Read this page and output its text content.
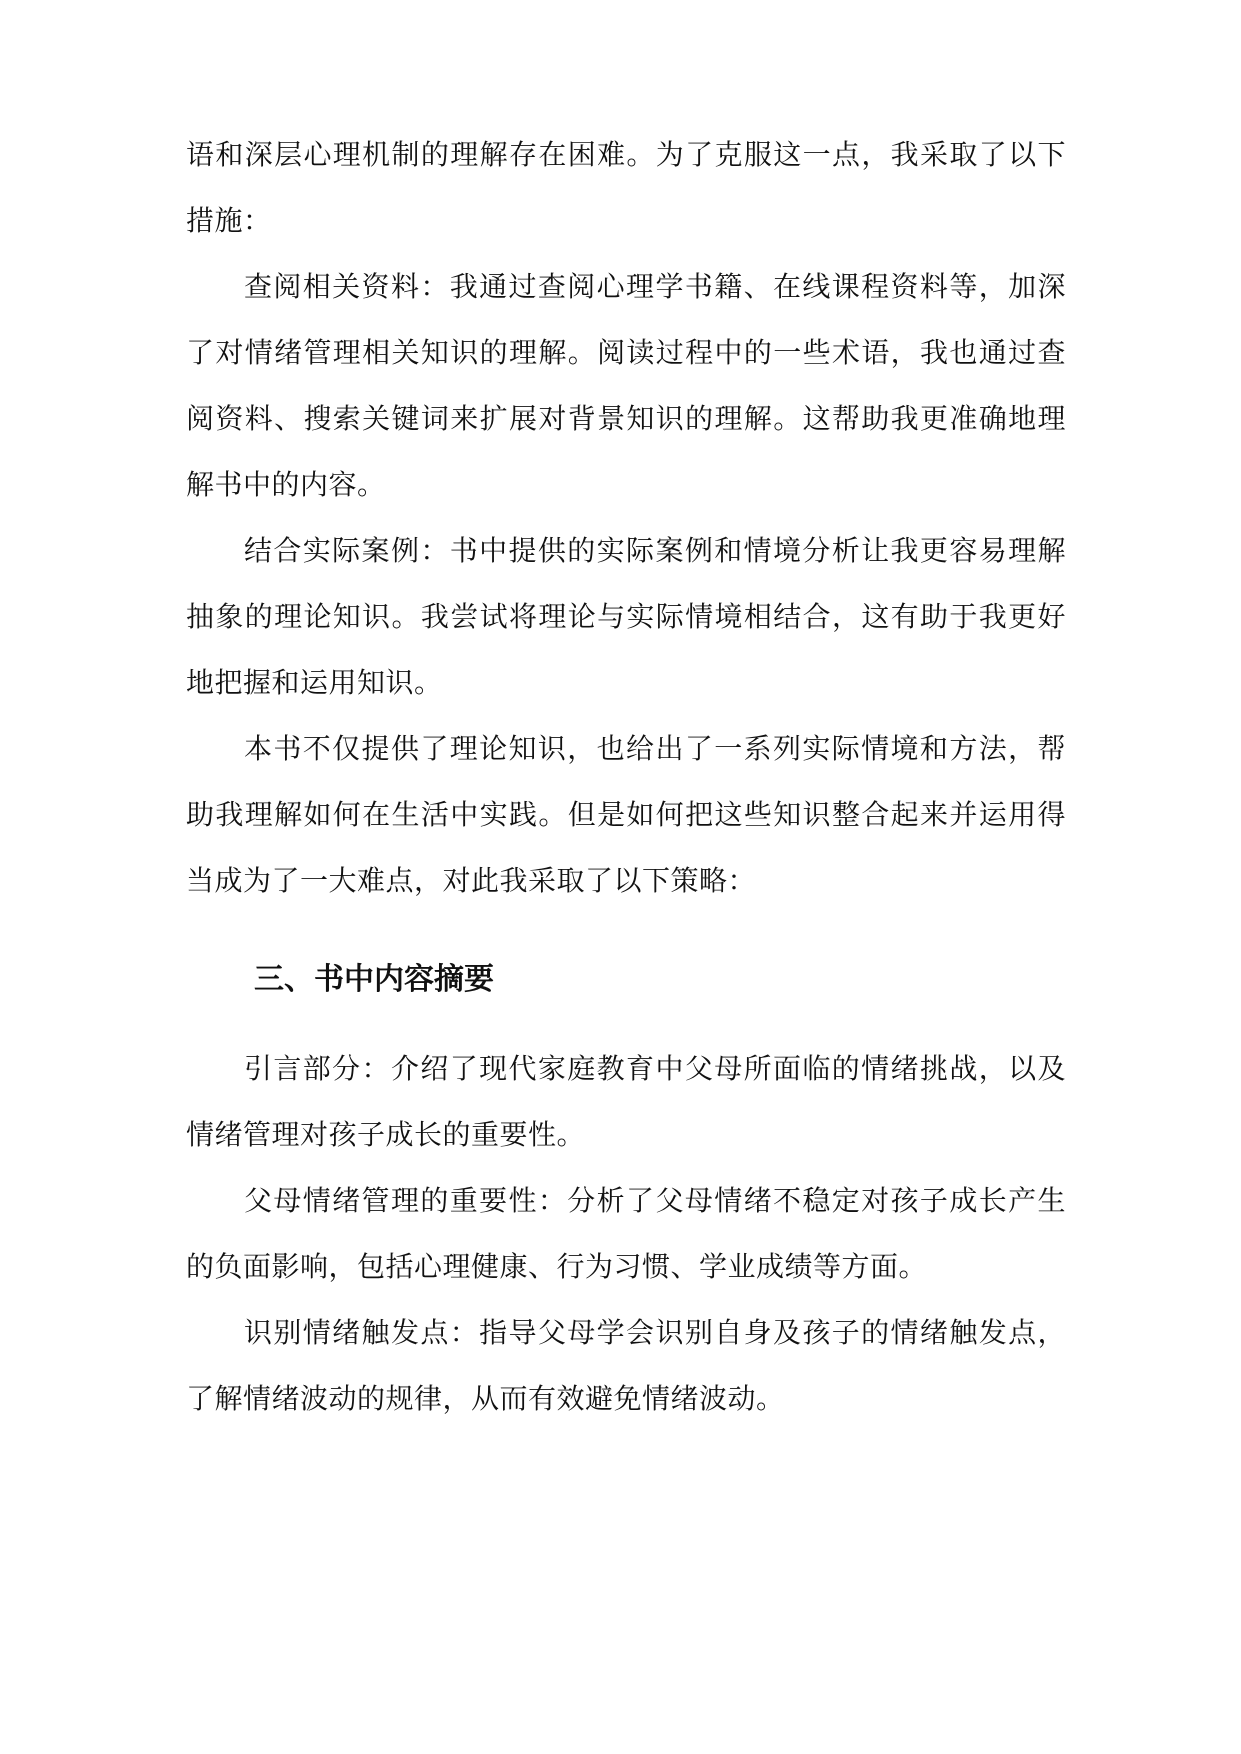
语和深层心理机制的理解存在困难。为了克服这一点，我采取了以下
措施：
查阅相关资料：我通过查阅心理学书籍、在线课程资料等，加深
了对情绪管理相关知识的理解。阅读过程中的一些术语，我也通过查
阅资料、搜索关键词来扩展对背景知识的理解。这帮助我更准确地理
解书中的内容。
结合实际案例：书中提供的实际案例和情境分析让我更容易理解
抽象的理论知识。我尝试将理论与实际情境相结合，这有助于我更好
地把握和运用知识。
本书不仅提供了理论知识，也给出了一系列实际情境和方法，帮
助我理解如何在生活中实践。但是如何把这些知识整合起来并运用得
当成为了一大难点，对此我采取了以下策略：
三、书中内容摘要
引言部分：介绍了现代家庭教育中父母所面临的情绪挑战，以及
情绪管理对孩子成长的重要性。
父母情绪管理的重要性：分析了父母情绪不稳定对孩子成长产生
的负面影响，包括心理健康、行为习惯、学业成绩等方面。
识别情绪触发点：指导父母学会识别自身及孩子的情绪触发点，
了解情绪波动的规律，从而有效避免情绪波动。
